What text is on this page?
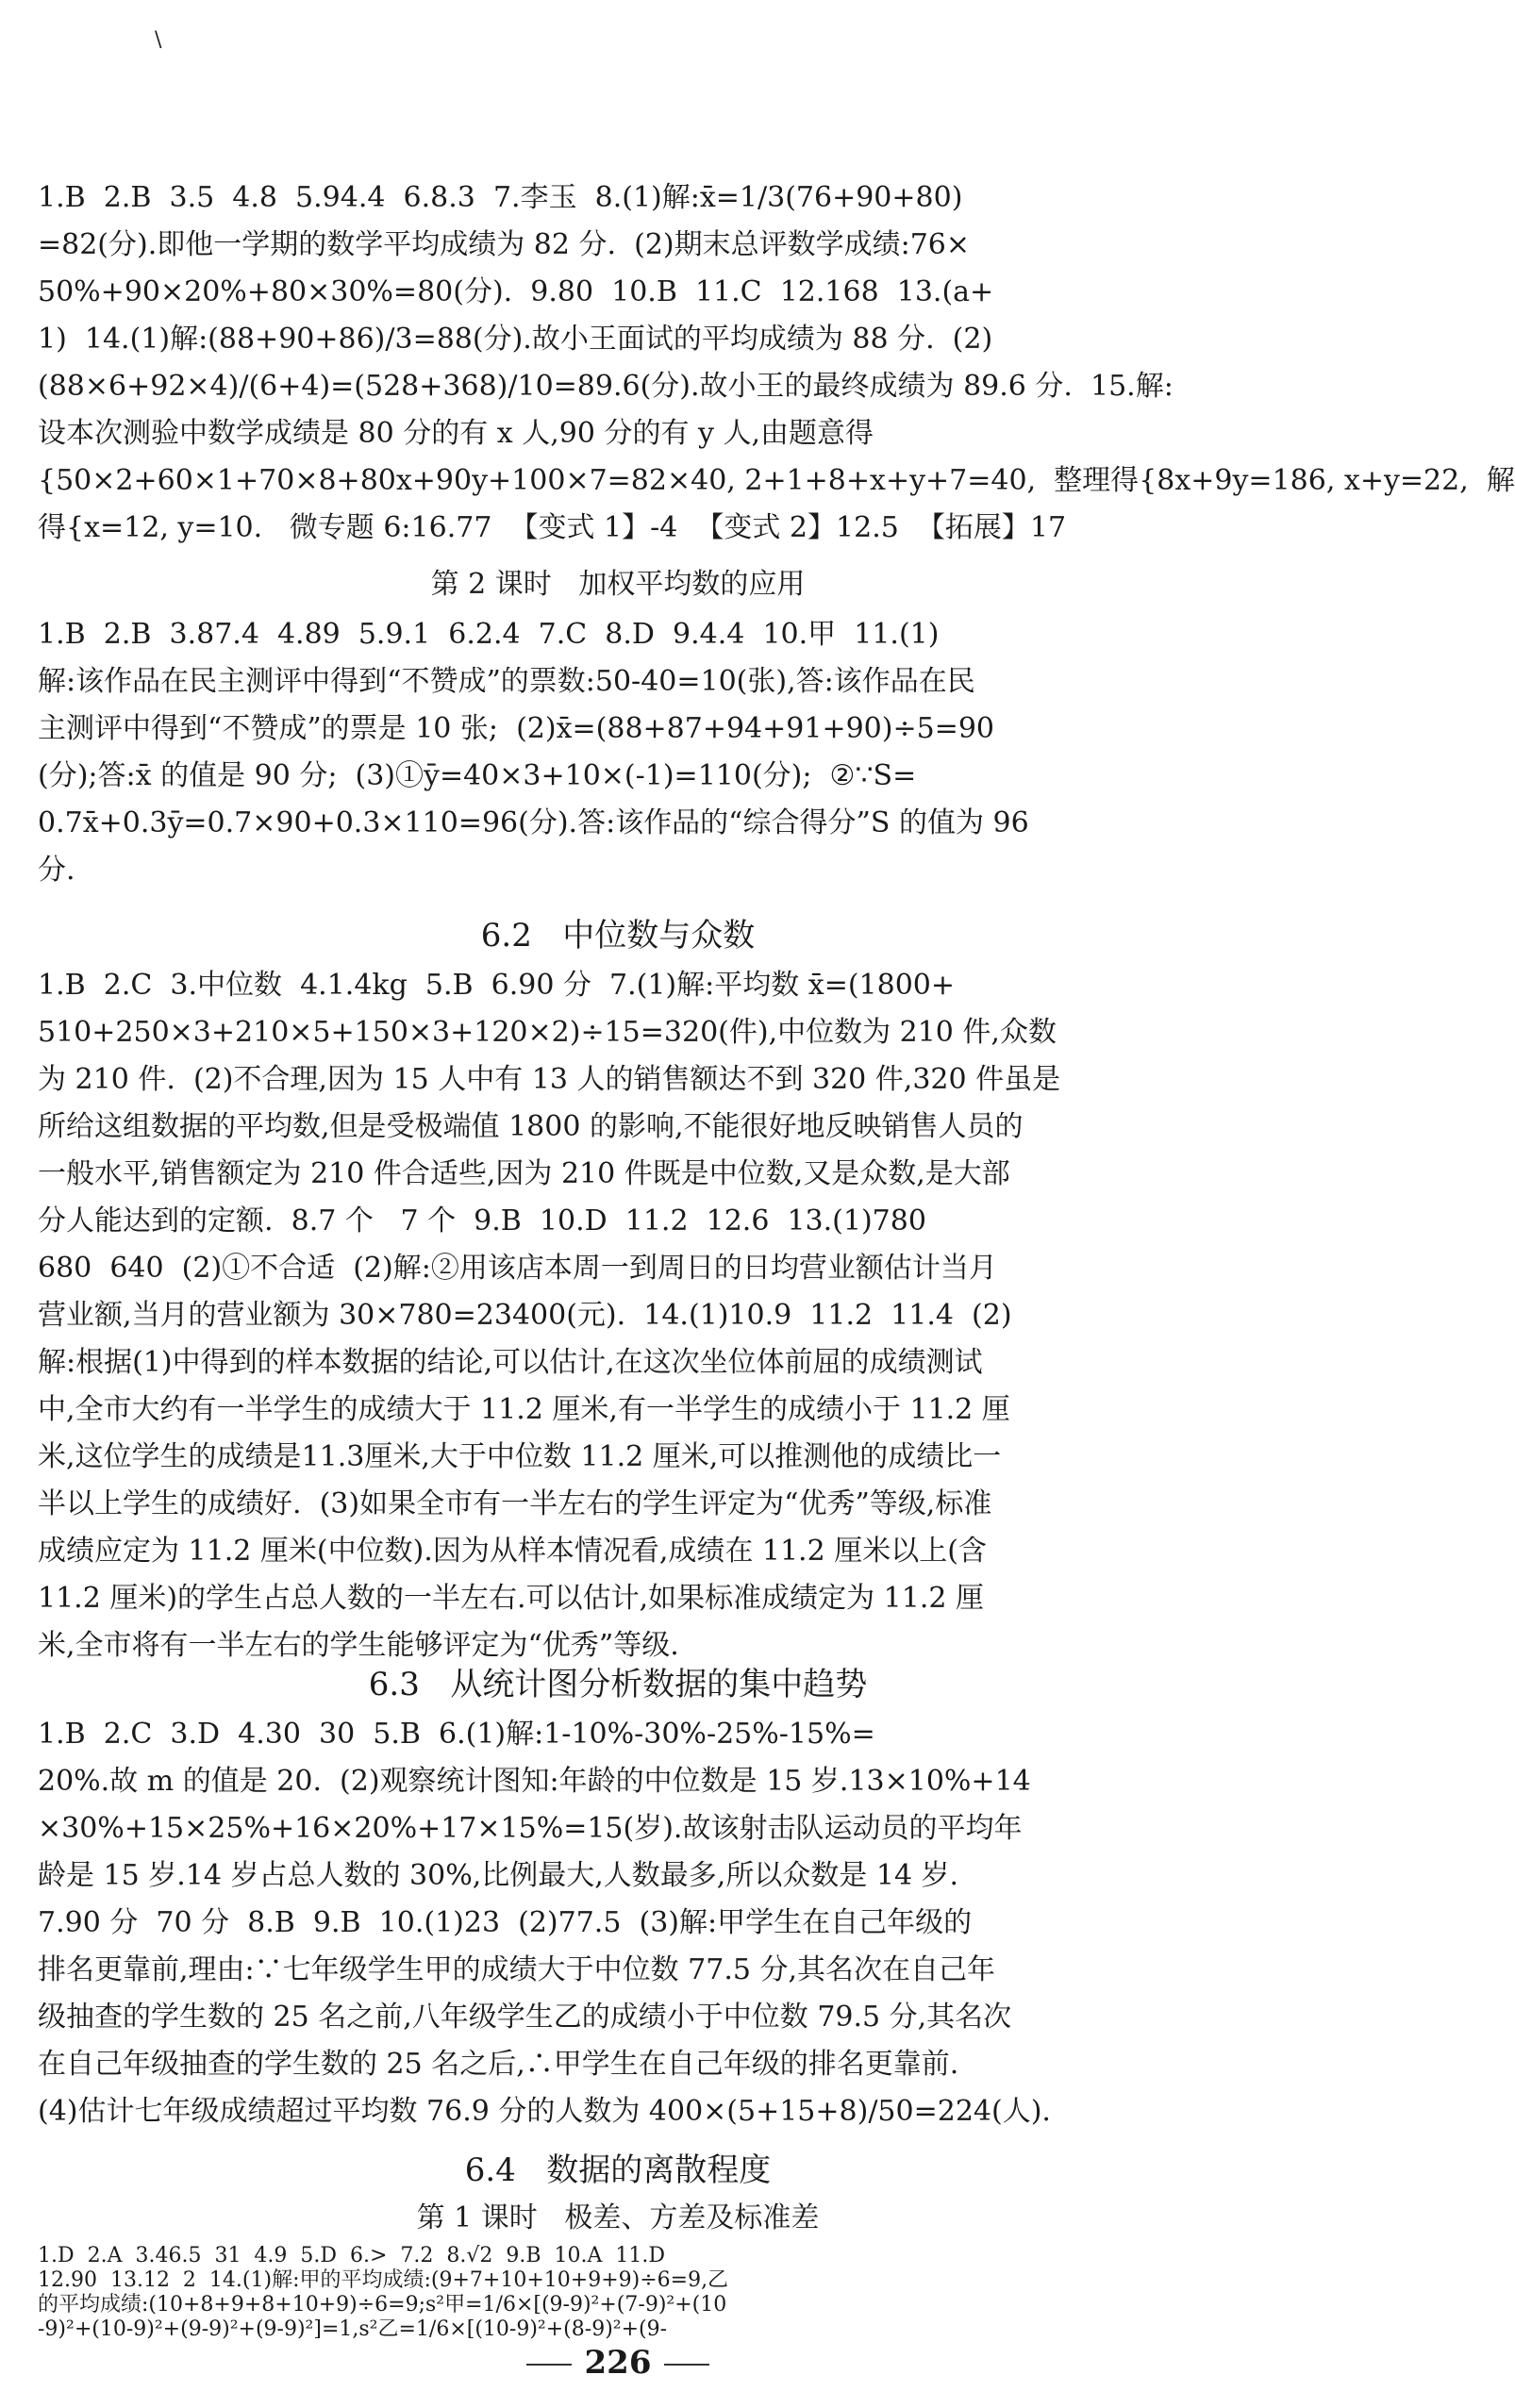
\
1.B  2.B  3.5  4.8  5.94.4  6.8.3  7.李玉  8.(1)解:x̄=1/3(76+90+80)
=82(分).即他一学期的数学平均成绩为 82 分.  (2)期末总评数学成绩:76×
50%+90×20%+80×30%=80(分).  9.80  10.B  11.C  12.168  13.(a+
1)  14.(1)解:(88+90+86)/3=88(分).故小王面试的平均成绩为 88 分.  (2)
(88×6+92×4)/(6+4)=(528+368)/10=89.6(分).故小王的最终成绩为 89.6 分.  15.解:
设本次测验中数学成绩是 80 分的有 x 人,90 分的有 y 人,由题意得
{50×2+60×1+70×8+80x+90y+100×7=82×40, 2+1+8+x+y+7=40,  整理得{8x+9y=186, x+y=22,  解
得{x=12, y=10.   微专题 6:16.77  【变式 1】-4  【变式 2】12.5  【拓展】17
第 2 课时   加权平均数的应用
1.B  2.B  3.87.4  4.89  5.9.1  6.2.4  7.C  8.D  9.4.4  10.甲  11.(1)
解:该作品在民主测评中得到“不赞成”的票数:50-40=10(张),答:该作品在民
主测评中得到“不赞成”的票是 10 张;  (2)x̄=(88+87+94+91+90)÷5=90
(分);答:x̄ 的值是 90 分;  (3)①ȳ=40×3+10×(-1)=110(分);  ②∵S=
0.7x̄+0.3ȳ=0.7×90+0.3×110=96(分).答:该作品的“综合得分”S 的值为 96
分.
6.2   中位数与众数
1.B  2.C  3.中位数  4.1.4kg  5.B  6.90 分  7.(1)解:平均数 x̄=(1800+
510+250×3+210×5+150×3+120×2)÷15=320(件),中位数为 210 件,众数
为 210 件.  (2)不合理,因为 15 人中有 13 人的销售额达不到 320 件,320 件虽是
所给这组数据的平均数,但是受极端值 1800 的影响,不能很好地反映销售人员的
一般水平,销售额定为 210 件合适些,因为 210 件既是中位数,又是众数,是大部
分人能达到的定额.  8.7 个   7 个  9.B  10.D  11.2  12.6  13.(1)780
680  640  (2)①不合适  (2)解:②用该店本周一到周日的日均营业额估计当月
营业额,当月的营业额为 30×780=23400(元).  14.(1)10.9  11.2  11.4  (2)
解:根据(1)中得到的样本数据的结论,可以估计,在这次坐位体前屈的成绩测试
中,全市大约有一半学生的成绩大于 11.2 厘米,有一半学生的成绩小于 11.2 厘
米,这位学生的成绩是11.3厘米,大于中位数 11.2 厘米,可以推测他的成绩比一
半以上学生的成绩好.  (3)如果全市有一半左右的学生评定为“优秀”等级,标准
成绩应定为 11.2 厘米(中位数).因为从样本情况看,成绩在 11.2 厘米以上(含
11.2 厘米)的学生占总人数的一半左右.可以估计,如果标准成绩定为 11.2 厘
米,全市将有一半左右的学生能够评定为“优秀”等级.
6.3   从统计图分析数据的集中趋势
1.B  2.C  3.D  4.30  30  5.B  6.(1)解:1-10%-30%-25%-15%=
20%.故 m 的值是 20.  (2)观察统计图知:年龄的中位数是 15 岁.13×10%+14
×30%+15×25%+16×20%+17×15%=15(岁).故该射击队运动员的平均年
龄是 15 岁.14 岁占总人数的 30%,比例最大,人数最多,所以众数是 14 岁.
7.90 分  70 分  8.B  9.B  10.(1)23  (2)77.5  (3)解:甲学生在自己年级的
排名更靠前,理由:∵七年级学生甲的成绩大于中位数 77.5 分,其名次在自己年
级抽查的学生数的 25 名之前,八年级学生乙的成绩小于中位数 79.5 分,其名次
在自己年级抽查的学生数的 25 名之后,∴甲学生在自己年级的排名更靠前.
(4)估计七年级成绩超过平均数 76.9 分的人数为 400×(5+15+8)/50=224(人).
6.4   数据的离散程度
第 1 课时   极差、方差及标准差
226
1.D  2.A  3.46.5  31  4.9  5.D  6.>  7.2  8.√2  9.B  10.A  11.D
12.90  13.12  2  14.(1)解:甲的平均成绩:(9+7+10+10+9+9)÷6=9,乙
的平均成绩:(10+8+9+8+10+9)÷6=9;s²甲=1/6×[(9-9)²+(7-9)²+(10
-9)²+(10-9)²+(9-9)²+(9-9)²]=1,s²乙=1/6×[(10-9)²+(8-9)²+(9-
